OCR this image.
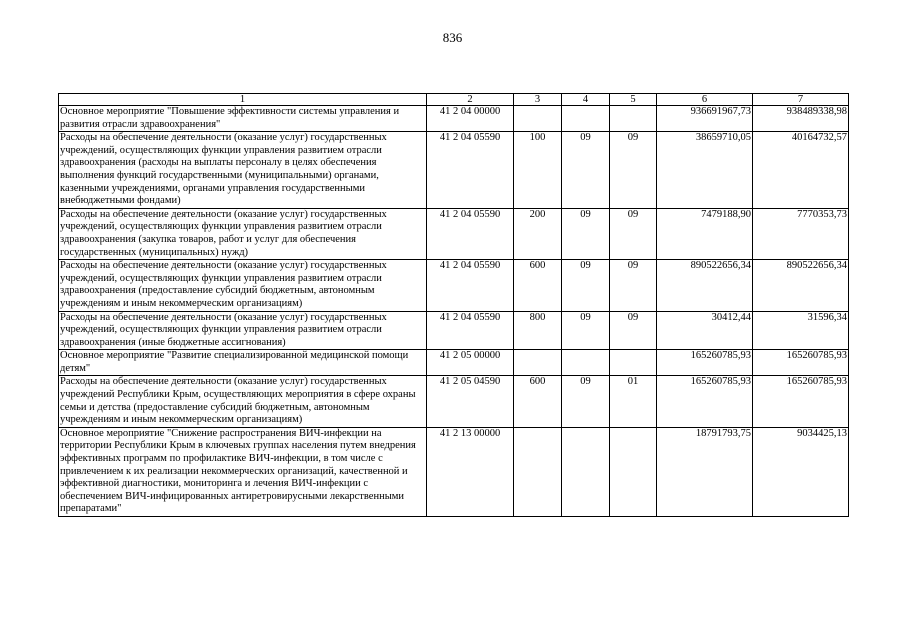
836
1	2	3	4	5	6	7
Основное мероприятие "Повышение эффективности системы управления и развития отрасли здравоохранения"	41 2 04 00000				936691967,73	938489338,98
Расходы на обеспечение деятельности (оказание услуг) государственных учреждений, осуществляющих функции управления развитием отрасли здравоохранения (расходы на выплаты персоналу в целях обеспечения выполнения функций государственными (муниципальными) органами, казенными учреждениями, органами управления государственными внебюджетными фондами)	41 2 04 05590	100	09	09	38659710,05	40164732,57
Расходы на обеспечение деятельности (оказание услуг) государственных учреждений, осуществляющих функции управления развитием отрасли здравоохранения (закупка товаров, работ и услуг для обеспечения государственных (муниципальных) нужд)	41 2 04 05590	200	09	09	7479188,90	7770353,73
Расходы на обеспечение деятельности (оказание услуг) государственных учреждений, осуществляющих функции управления развитием отрасли здравоохранения (предоставление субсидий бюджетным, автономным учреждениям и иным некоммерческим организациям)	41 2 04 05590	600	09	09	890522656,34	890522656,34
Расходы на обеспечение деятельности (оказание услуг) государственных учреждений, осуществляющих функции управления развитием отрасли здравоохранения (иные бюджетные ассигнования)	41 2 04 05590	800	09	09	30412,44	31596,34
Основное мероприятие "Развитие специализированной медицинской помощи детям"	41 2 05 00000				165260785,93	165260785,93
Расходы на обеспечение деятельности (оказание услуг) государственных учреждений Республики Крым, осуществляющих мероприятия в сфере охраны семьи и детства (предоставление субсидий бюджетным, автономным учреждениям и иным некоммерческим организациям)	41 2 05 04590	600	09	01	165260785,93	165260785,93
Основное мероприятие "Снижение распространения ВИЧ-инфекции на территории Республики Крым в ключевых группах населения путем внедрения эффективных программ по профилактике ВИЧ-инфекции, в том числе с привлечением к их реализации некоммерческих организаций, качественной и эффективной диагностики, мониторинга и лечения ВИЧ-инфекции с обеспечением ВИЧ-инфицированных антиретровирусными лекарственными препаратами"	41 2 13 00000				18791793,75	9034425,13
